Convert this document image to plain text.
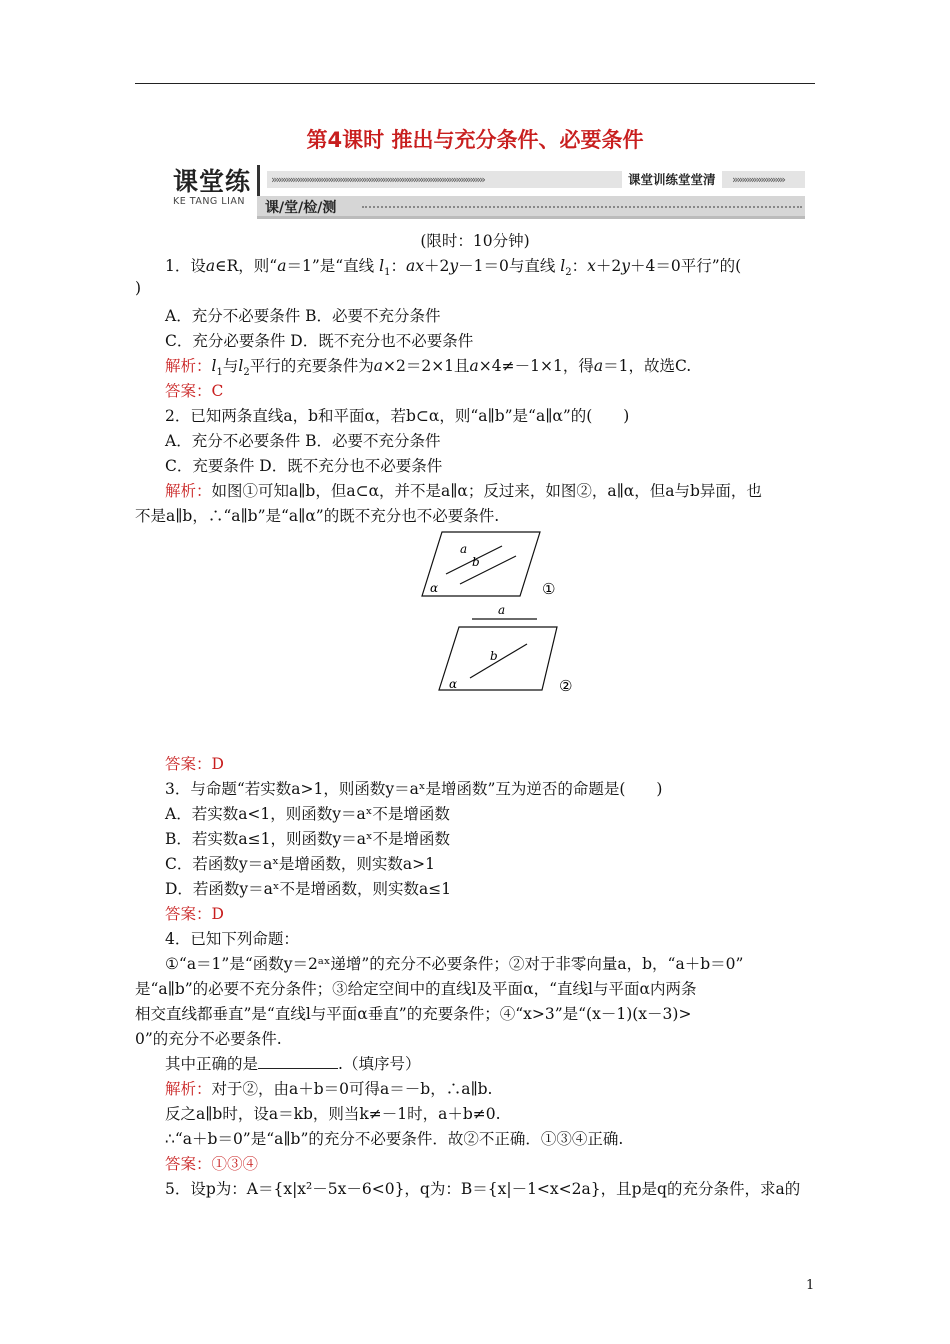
第4课时 推出与充分条件、必要条件
课堂练
KE TANG LIAN
»»»»»»»»»»»»»»»»»»»»»»»»»»»»»»»»»»»»»»»»»»»»»	课堂训练堂堂清	»»»»»»»»»»»
课/堂/检/测
(限时：10分钟)
1．设a∈R，则“a＝1”是“直线 $l_1$：ax＋2y－1＝0与直线 $l_2$：x＋2y＋4＝0平行”的(
)
A．充分不必要条件 B．必要不充分条件
C．充分必要条件 D．既不充分也不必要条件
解析：$l_1$与$l_2$平行的充要条件为a×2＝2×1且a×4≠－1×1，得a＝1，故选C.
答案：C
2．已知两条直线a，b和平面α，若b⊂α，则“a∥b”是“a∥α”的(　　)
A．充分不必要条件 B．必要不充分条件
C．充要条件 D．既不充分也不必要条件
解析：如图①可知a∥b，但a⊂α，并不是a∥α；反过来，如图②，a∥α，但a与b异面，也
不是a∥b，∴“a∥b”是“a∥α”的既不充分也不必要条件.
a
b
α	①
a
b
α	②
答案：D
3．与命题“若实数a>1，则函数y＝aˣ是增函数”互为逆否的命题是(　　)
A．若实数a<1，则函数y＝aˣ不是增函数
B．若实数a≤1，则函数y＝aˣ不是增函数
C．若函数y＝aˣ是增函数，则实数a>1
D．若函数y＝aˣ不是增函数，则实数a≤1
答案：D
4．已知下列命题：
①“a＝1”是“函数y＝2ᵃˣ递增”的充分不必要条件；②对于非零向量a，b，“a＋b＝0”
是“a∥b”的必要不充分条件；③给定空间中的直线l及平面α，“直线l与平面α内两条
相交直线都垂直”是“直线l与平面α垂直”的充要条件；④“x>3”是“(x－1)(x－3)>
0”的充分不必要条件.
其中正确的是	.（填序号）
解析：对于②，由a＋b＝0可得a＝－b，∴a∥b.
反之a∥b时，设a＝kb，则当k≠－1时，a＋b≠0.
∴“a＋b＝0”是“a∥b”的充分不必要条件．故②不正确．①③④正确.
答案：①③④
5．设p为：A＝{x|x²－5x－6<0}，q为：B＝{x|－1<x<2a}，且p是q的充分条件，求a的
1
